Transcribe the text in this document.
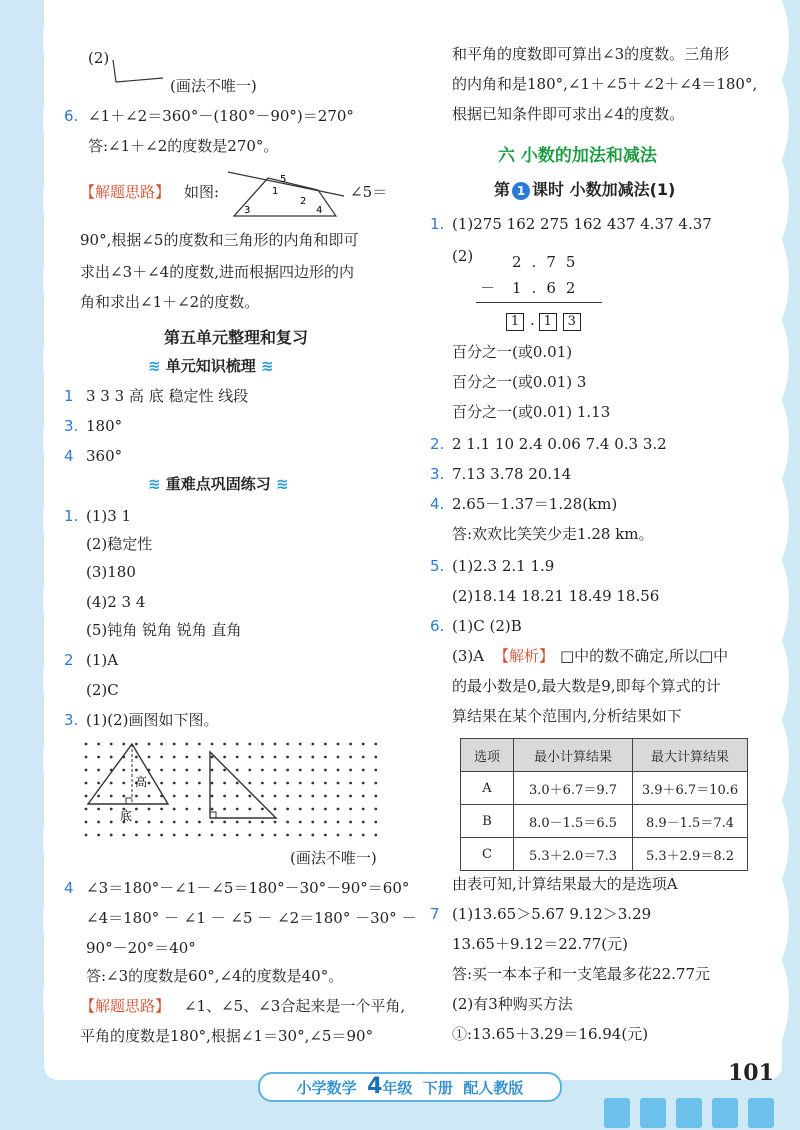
(2)
(画法不唯一)
6. ∠1＋∠2＝360°－(180°－90°)＝270°
答:∠1＋∠2的度数是270°。
【解题思路】 如图:
5
1
2
3	4
∠5＝
90°,根据∠5的度数和三角形的内角和即可
求出∠3＋∠4的度数,进而根据四边形的内
角和求出∠1＋∠2的度数。
第五单元整理和复习
≋ 单元知识梳理 ≋
1 3 3 3 高 底 稳定性 线段
3. 180°
4 360°
≋ 重难点巩固练习 ≋
1. (1)3 1
(2)稳定性
(3)180
(4)2 3 4
(5)钝角 锐角 锐角 直角
2 (1)A
(2)C
3. (1)(2)画图如下图。
高
底
(画法不唯一)
4 ∠3＝180°－∠1－∠5＝180°－30°－90°＝60°
∠4＝180° － ∠1 － ∠5 － ∠2＝180° －30° －
90°－20°＝40°
答:∠3的度数是60°,∠4的度数是40°。
【解题思路】 ∠1、∠5、∠3合起来是一个平角,
平角的度数是180°,根据∠1＝30°,∠5＝90°
和平角的度数即可算出∠3的度数。三角形
的内角和是180°,∠1＋∠5＋∠2＋∠4＝180°,
根据已知条件即可求出∠4的度数。
六 小数的加法和减法
第 1 课时 小数加减法(1)
1. (1)275 162 275 162 437 4.37 4.37
(2)	2.75
－ 1.62
1 . 1 3
百分之一(或0.01)
百分之一(或0.01) 3
百分之一(或0.01) 1.13
2. 2 1.1 10 2.4 0.06 7.4 0.3 3.2
3. 7.13 3.78 20.14
4. 2.65－1.37＝1.28(km)
答:欢欢比笑笑少走1.28 km。
5. (1)2.3 2.1 1.9
(2)18.14 18.21 18.49 18.56
6. (1)C (2)B
(3)A 【解析】 □中的数不确定,所以□中
的最小数是0,最大数是9,即每个算式的计
算结果在某个范围内,分析结果如下
选项	最小计算结果	最大计算结果
A	3.0＋6.7＝9.7	3.9＋6.7＝10.6
B	8.0－1.5＝6.5	8.9－1.5＝7.4
C	5.3＋2.0＝7.3	5.3＋2.9＝8.2
由表可知,计算结果最大的是选项A
7 (1)13.65＞5.67 9.12＞3.29
13.65＋9.12＝22.77(元)
答:买一本本子和一支笔最多花22.77元
(2)有3种购买方法
①:13.65＋3.29＝16.94(元)
小学数学 4年级 下册 配人教版
101
